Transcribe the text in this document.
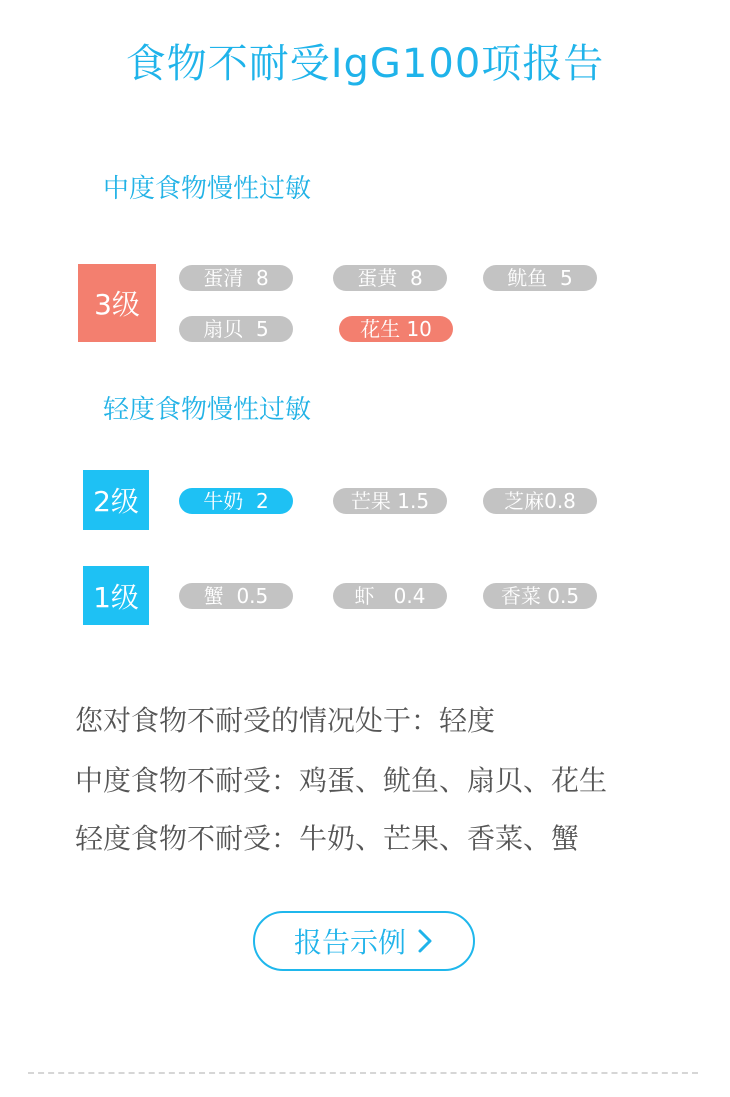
食物不耐受IgG100项报告
中度食物慢性过敏
3级
蛋清  8	蛋黄  8	鱿鱼  5
扇贝  5	花生 10
轻度食物慢性过敏
2级	牛奶  2	芒果 1.5	芝麻0.8
1级	蟹  0.5	虾   0.4	香菜 0.5
您对食物不耐受的情况处于：轻度
中度食物不耐受：鸡蛋、鱿鱼、扇贝、花生
轻度食物不耐受：牛奶、芒果、香菜、蟹
报告示例
